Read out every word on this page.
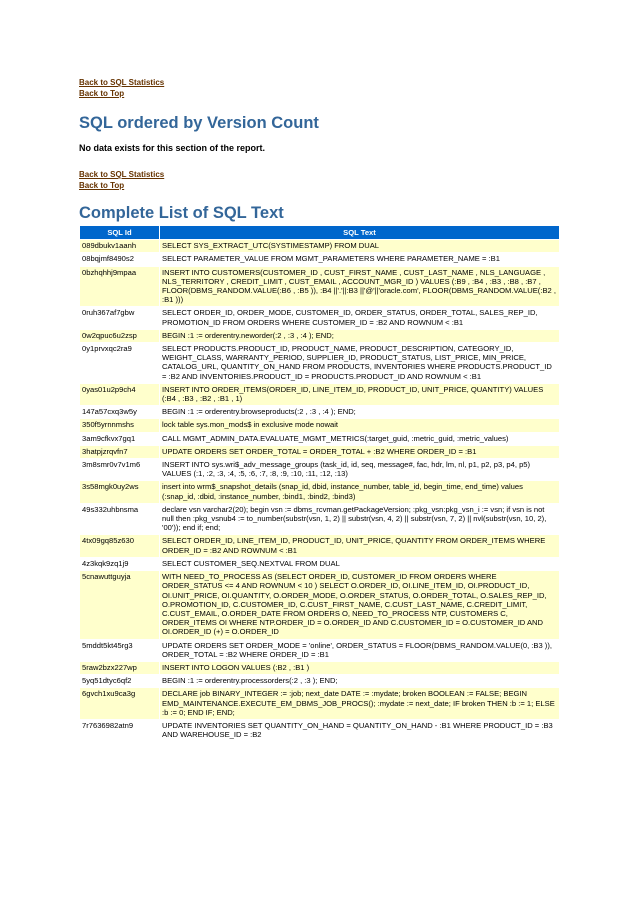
Back to SQL Statistics
Back to Top
SQL ordered by Version Count
No data exists for this section of the report.
Back to SQL Statistics
Back to Top
Complete List of SQL Text
SQL Id	SQL Text
089dbukv1aanh	SELECT SYS_EXTRACT_UTC(SYSTIMESTAMP) FROM DUAL
08bqjmf8490s2	SELECT PARAMETER_VALUE FROM MGMT_PARAMETERS WHERE PARAMETER_NAME = :B1
0bzhqhhj9mpaa	INSERT INTO CUSTOMERS(CUSTOMER_ID , CUST_FIRST_NAME , CUST_LAST_NAME , NLS_LANGUAGE , NLS_TERRITORY , CREDIT_LIMIT , CUST_EMAIL , ACCOUNT_MGR_ID ) VALUES (:B9 , :B4 , :B3 , :B8 , :B7 , FLOOR(DBMS_RANDOM.VALUE(:B6 , :B5 )), :B4 ||'.'||:B3 ||'@'||'oracle.com', FLOOR(DBMS_RANDOM.VALUE(:B2 , :B1 )))
0ruh367af7gbw	SELECT ORDER_ID, ORDER_MODE, CUSTOMER_ID, ORDER_STATUS, ORDER_TOTAL, SALES_REP_ID, PROMOTION_ID FROM ORDERS WHERE CUSTOMER_ID = :B2 AND ROWNUM < :B1
0w2qpuc6u2zsp	BEGIN :1 := orderentry.neworder(:2 , :3 , :4 ); END;
0y1prvxqc2ra9	SELECT PRODUCTS.PRODUCT_ID, PRODUCT_NAME, PRODUCT_DESCRIPTION, CATEGORY_ID, WEIGHT_CLASS, WARRANTY_PERIOD, SUPPLIER_ID, PRODUCT_STATUS, LIST_PRICE, MIN_PRICE, CATALOG_URL, QUANTITY_ON_HAND FROM PRODUCTS, INVENTORIES WHERE PRODUCTS.PRODUCT_ID = :B2 AND INVENTORIES.PRODUCT_ID = PRODUCTS.PRODUCT_ID AND ROWNUM < :B1
0yas01u2p9ch4	INSERT INTO ORDER_ITEMS(ORDER_ID, LINE_ITEM_ID, PRODUCT_ID, UNIT_PRICE, QUANTITY) VALUES (:B4 , :B3 , :B2 , :B1 , 1)
147a57cxq3w5y	BEGIN :1 := orderentry.browseproducts(:2 , :3 , :4 ); END;
350f5yrnnmshs	lock table sys.mon_mods$ in exclusive mode nowait
3am9cfkvx7gq1	CALL MGMT_ADMIN_DATA.EVALUATE_MGMT_METRICS(:target_guid, :metric_guid, :metric_values)
3hatpjzrqvfn7	UPDATE ORDERS SET ORDER_TOTAL = ORDER_TOTAL + :B2 WHERE ORDER_ID = :B1
3m8smr0v7v1m6	INSERT INTO sys.wri$_adv_message_groups (task_id, id, seq, message#, fac, hdr, lm, nl, p1, p2, p3, p4, p5) VALUES (:1, :2, :3, :4, :5, :6, :7, :8, :9, :10, :11, :12, :13)
3s58mgk0uy2ws	insert into wrm$_snapshot_details (snap_id, dbid, instance_number, table_id, begin_time, end_time) values (:snap_id, :dbid, :instance_number, :bind1, :bind2, :bind3)
49s332uhbnsma	declare vsn varchar2(20); begin vsn := dbms_rcvman.getPackageVersion; :pkg_vsn:pkg_vsn_i := vsn; if vsn is not null then :pkg_vsnub4 := to_number(substr(vsn, 1, 2) || substr(vsn, 4, 2) || substr(vsn, 7, 2) || nvl(substr(vsn, 10, 2), '00')); end if; end;
4tx09gq85z630	SELECT ORDER_ID, LINE_ITEM_ID, PRODUCT_ID, UNIT_PRICE, QUANTITY FROM ORDER_ITEMS WHERE ORDER_ID = :B2 AND ROWNUM < :B1
4z3kqk9zq1j9	SELECT CUSTOMER_SEQ.NEXTVAL FROM DUAL
5cnawuttguyja	WITH NEED_TO_PROCESS AS (SELECT ORDER_ID, CUSTOMER_ID FROM ORDERS WHERE ORDER_STATUS <= 4 AND ROWNUM < 10 ) SELECT O.ORDER_ID, OI.LINE_ITEM_ID, OI.PRODUCT_ID, OI.UNIT_PRICE, OI.QUANTITY, O.ORDER_MODE, O.ORDER_STATUS, O.ORDER_TOTAL, O.SALES_REP_ID, O.PROMOTION_ID, C.CUSTOMER_ID, C.CUST_FIRST_NAME, C.CUST_LAST_NAME, C.CREDIT_LIMIT, C.CUST_EMAIL, O.ORDER_DATE FROM ORDERS O, NEED_TO_PROCESS NTP, CUSTOMERS C, ORDER_ITEMS OI WHERE NTP.ORDER_ID = O.ORDER_ID AND C.CUSTOMER_ID = O.CUSTOMER_ID AND OI.ORDER_ID (+) = O.ORDER_ID
5mddt5kt45rg3	UPDATE ORDERS SET ORDER_MODE = 'online', ORDER_STATUS = FLOOR(DBMS_RANDOM.VALUE(0, :B3 )), ORDER_TOTAL = :B2 WHERE ORDER_ID = :B1
5raw2bzx227wp	INSERT INTO LOGON VALUES (:B2 , :B1 )
5yq51dtyc6qf2	BEGIN :1 := orderentry.processorders(:2 , :3 ); END;
6gvch1xu9ca3g	DECLARE job BINARY_INTEGER := :job; next_date DATE := :mydate; broken BOOLEAN := FALSE; BEGIN EMD_MAINTENANCE.EXECUTE_EM_DBMS_JOB_PROCS(); :mydate := next_date; IF broken THEN :b := 1; ELSE :b := 0; END IF; END;
7r7636982atn9	UPDATE INVENTORIES SET QUANTITY_ON_HAND = QUANTITY_ON_HAND - :B1 WHERE PRODUCT_ID = :B3 AND WAREHOUSE_ID = :B2
